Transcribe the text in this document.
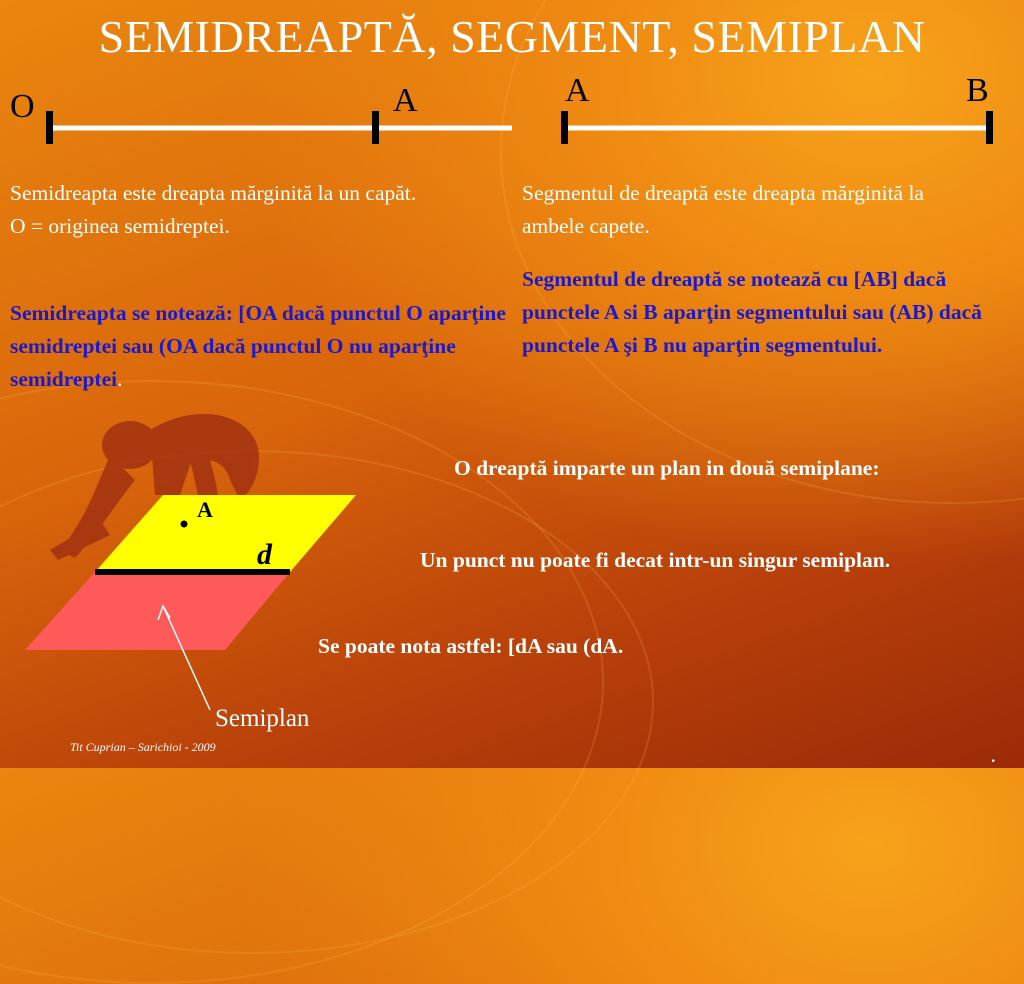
SEMIDREAPTĂ, SEGMENT, SEMIPLAN
O	A	A	B
Semidreapta este dreapta mărginită la un capăt.
O = originea semidreptei.
Semidreapta se notează: [OA dacă punctul O aparţine semidreptei sau (OA dacă punctul O nu aparţine semidreptei.
Segmentul de dreaptă este dreapta mărginită la ambele capete.
Segmentul de dreaptă se notează cu [AB] dacă punctele A si B aparţin segmentului sau (AB) dacă punctele A şi B nu aparţin segmentului.
A
d
Semiplan
O dreaptă imparte un plan in două semiplane:
Un punct nu poate fi decat intr-un singur semiplan.
Se poate nota astfel: [dA sau (dA.
Tit Cuprian – Sarichioi - 2009	.
